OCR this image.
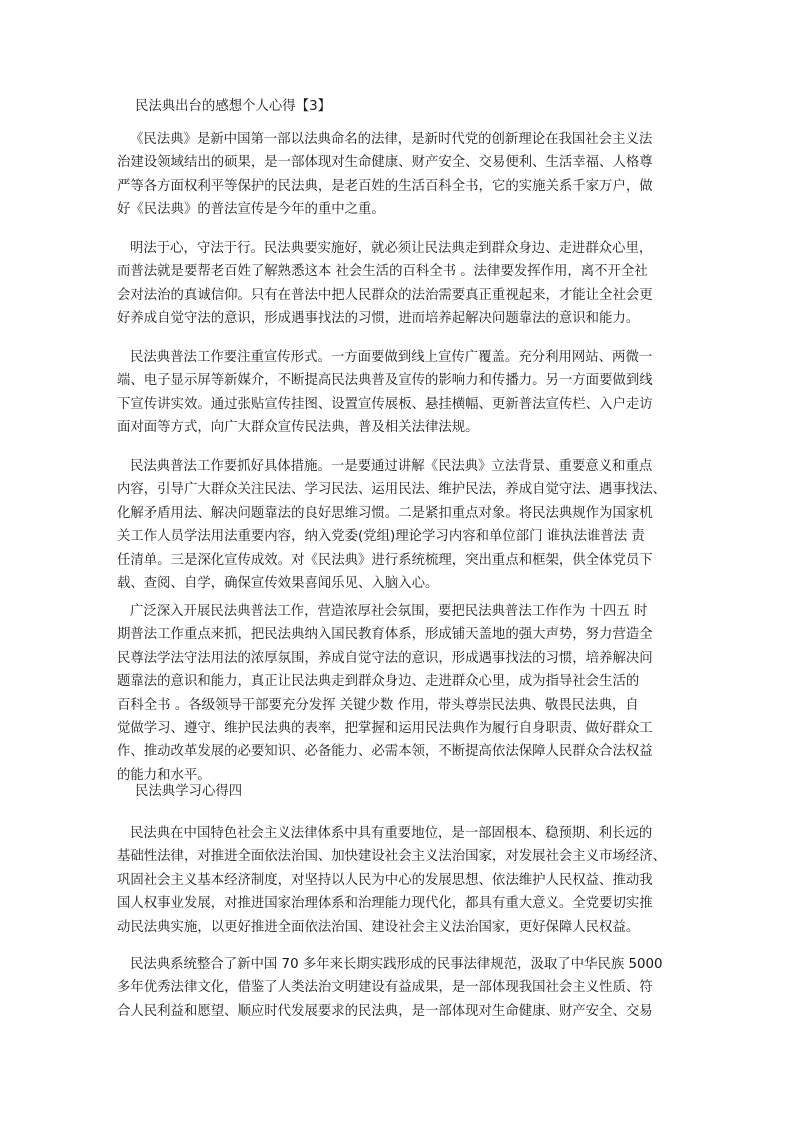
民法典出台的感想个人心得【3】

《民法典》是新中国第一部以法典命名的法律，是新时代党的创新理论在我国社会主义法
治建设领域结出的硕果，是一部体现对生命健康、财产安全、交易便利、生活幸福、人格尊
严等各方面权利平等保护的民法典，是老百姓的生活百科全书，它的实施关系千家万户，做
好《民法典》的普法宣传是今年的重中之重。
明法于心，守法于行。民法典要实施好，就必须让民法典走到群众身边、走进群众心里，
而普法就是要帮老百姓了解熟悉这本 社会生活的百科全书 。法律要发挥作用，离不开全社
会对法治的真诚信仰。只有在普法中把人民群众的法治需要真正重视起来，才能让全社会更
好养成自觉守法的意识，形成遇事找法的习惯，进而培养起解决问题靠法的意识和能力。
民法典普法工作要注重宣传形式。一方面要做到线上宣传广覆盖。充分利用网站、两微一
端、电子显示屏等新媒介，不断提高民法典普及宣传的影响力和传播力。另一方面要做到线
下宣传讲实效。通过张贴宣传挂图、设置宣传展板、悬挂横幅、更新普法宣传栏、入户走访
面对面等方式，向广大群众宣传民法典，普及相关法律法规。
民法典普法工作要抓好具体措施。一是要通过讲解《民法典》立法背景、重要意义和重点
内容，引导广大群众关注民法、学习民法、运用民法、维护民法，养成自觉守法、遇事找法、
化解矛盾用法、解决问题靠法的良好思维习惯。二是紧扣重点对象。将民法典规作为国家机
关工作人员学法用法重要内容，纳入党委(党组)理论学习内容和单位部门 谁执法谁普法 责
任清单。三是深化宣传成效。对《民法典》进行系统梳理，突出重点和框架，供全体党员下
载、查阅、自学，确保宣传效果喜闻乐见、入脑入心。
广泛深入开展民法典普法工作，营造浓厚社会氛围，要把民法典普法工作作为 十四五 时
期普法工作重点来抓，把民法典纳入国民教育体系，形成铺天盖地的强大声势，努力营造全
民尊法学法守法用法的浓厚氛围，养成自觉守法的意识，形成遇事找法的习惯，培养解决问
题靠法的意识和能力，真正让民法典走到群众身边、走进群众心里，成为指导社会生活的
百科全书 。各级领导干部要充分发挥 关键少数 作用，带头尊崇民法典、敬畏民法典，自
觉做学习、遵守、维护民法典的表率，把掌握和运用民法典作为履行自身职责、做好群众工
作、推动改革发展的必要知识、必备能力、必需本领，不断提高依法保障人民群众合法权益
的能力和水平。

民法典学习心得四

民法典在中国特色社会主义法律体系中具有重要地位，是一部固根本、稳预期、利长远的
基础性法律，对推进全面依法治国、加快建设社会主义法治国家，对发展社会主义市场经济、
巩固社会主义基本经济制度，对坚持以人民为中心的发展思想、依法维护人民权益、推动我
国人权事业发展，对推进国家治理体系和治理能力现代化，都具有重大意义。全党要切实推
动民法典实施，以更好推进全面依法治国、建设社会主义法治国家，更好保障人民权益。
民法典系统整合了新中国 70 多年来长期实践形成的民事法律规范，汲取了中华民族 5000
多年优秀法律文化，借鉴了人类法治文明建设有益成果，是一部体现我国社会主义性质、符
合人民利益和愿望、顺应时代发展要求的民法典，是一部体现对生命健康、财产安全、交易
